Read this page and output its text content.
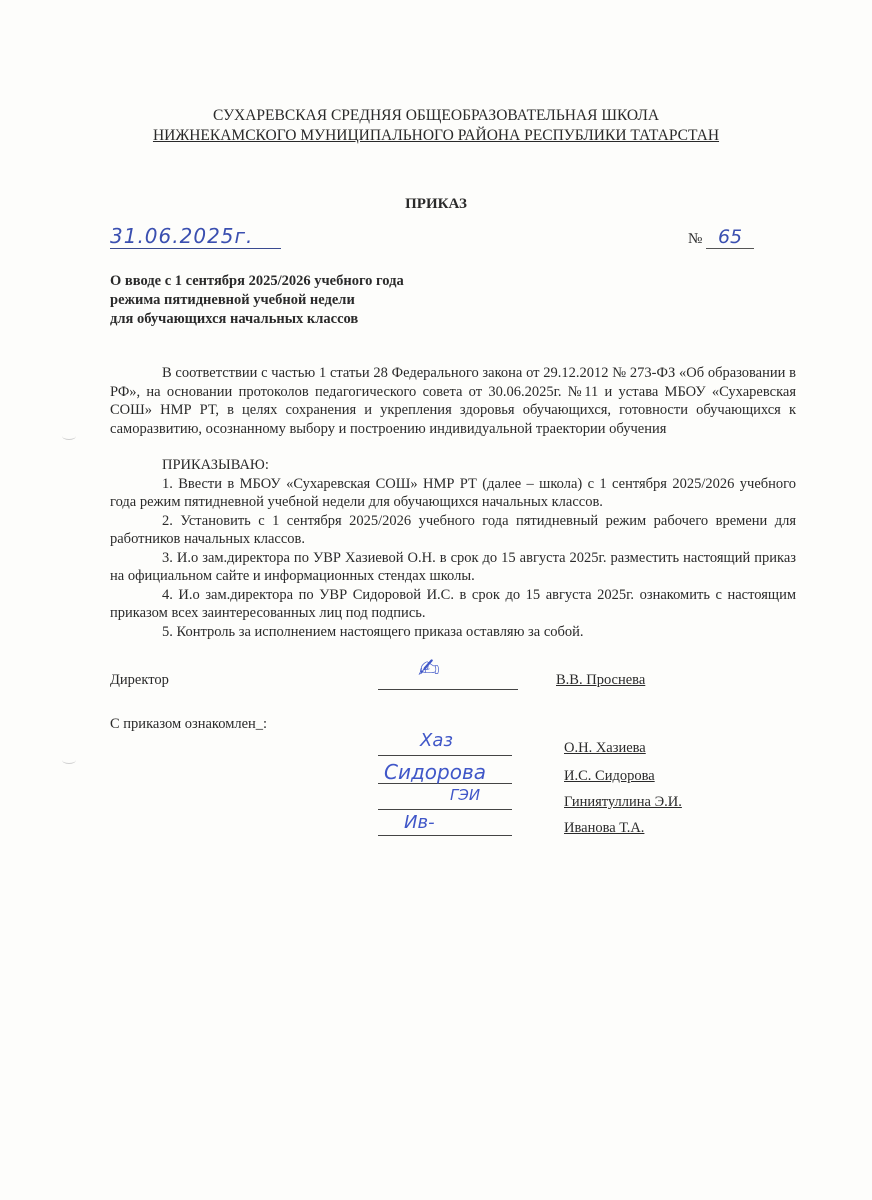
СУХАРЕВСКАЯ СРЕДНЯЯ ОБЩЕОБРАЗОВАТЕЛЬНАЯ ШКОЛА
НИЖНЕКАМСКОГО МУНИЦИПАЛЬНОГО РАЙОНА РЕСПУБЛИКИ ТАТАРСТАН
ПРИКАЗ
31.06.2025г.	№ 65
О вводе с 1 сентября 2025/2026 учебного года
режима пятидневной учебной недели
для обучающихся начальных классов
В соответствии с частью 1 статьи 28 Федерального закона от 29.12.2012 № 273-ФЗ «Об образовании в РФ», на основании протоколов педагогического совета от 30.06.2025г. №11 и устава МБОУ «Сухаревская СОШ» НМР РТ, в целях сохранения и укрепления здоровья обучающихся, готовности обучающихся к саморазвитию, осознанному выбору и построению индивидуальной траектории обучения
ПРИКАЗЫВАЮ:
1. Ввести в МБОУ «Сухаревская СОШ» НМР РТ (далее – школа) с 1 сентября 2025/2026 учебного года режим пятидневной учебной недели для обучающихся начальных классов.
2. Установить с 1 сентября 2025/2026 учебного года пятидневный режим рабочего времени для работников начальных классов.
3. И.о зам.директора по УВР Хазиевой О.Н. в срок до 15 августа 2025г. разместить настоящий приказ на официальном сайте и информационных стендах школы.
4. И.о зам.директора по УВР Сидоровой И.С. в срок до 15 августа 2025г. ознакомить с настоящим приказом всех заинтересованных лиц под подпись.
5. Контроль за исполнением настоящего приказа оставляю за собой.
Директор	✍	В.В. Проснева
С приказом ознакомлен_:
Хаз	О.Н. Хазиева
Сидорова	И.С. Сидорова
ГЭИ	Гиниятуллина Э.И.
Ив-	Иванова Т.А.
